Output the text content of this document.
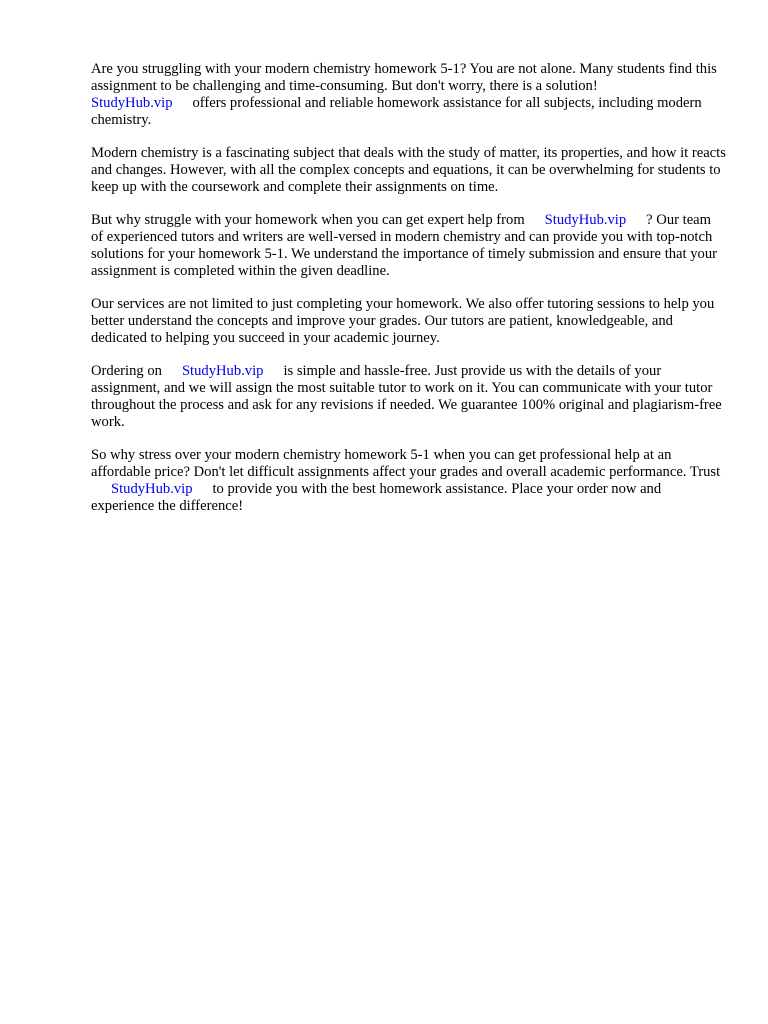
Are you struggling with your modern chemistry homework 5-1? You are not alone. Many students find this assignment to be challenging and time-consuming. But don't worry, there is a solution!
StudyHub.vip offers professional and reliable homework assistance for all subjects, including modern chemistry.

Modern chemistry is a fascinating subject that deals with the study of matter, its properties, and how it reacts and changes. However, with all the complex concepts and equations, it can be overwhelming for students to keep up with the coursework and complete their assignments on time.

But why struggle with your homework when you can get expert help from StudyHub.vip ? Our team of experienced tutors and writers are well-versed in modern chemistry and can provide you with top-notch solutions for your homework 5-1. We understand the importance of timely submission and ensure that your assignment is completed within the given deadline.

Our services are not limited to just completing your homework. We also offer tutoring sessions to help you better understand the concepts and improve your grades. Our tutors are patient, knowledgeable, and dedicated to helping you succeed in your academic journey.

Ordering on StudyHub.vip is simple and hassle-free. Just provide us with the details of your assignment, and we will assign the most suitable tutor to work on it. You can communicate with your tutor throughout the process and ask for any revisions if needed. We guarantee 100% original and plagiarism-free work.

So why stress over your modern chemistry homework 5-1 when you can get professional help at an affordable price? Don't let difficult assignments affect your grades and overall academic performance. TrustStudyHub.vip to provide you with the best homework assistance. Place your order now and experience the difference!
